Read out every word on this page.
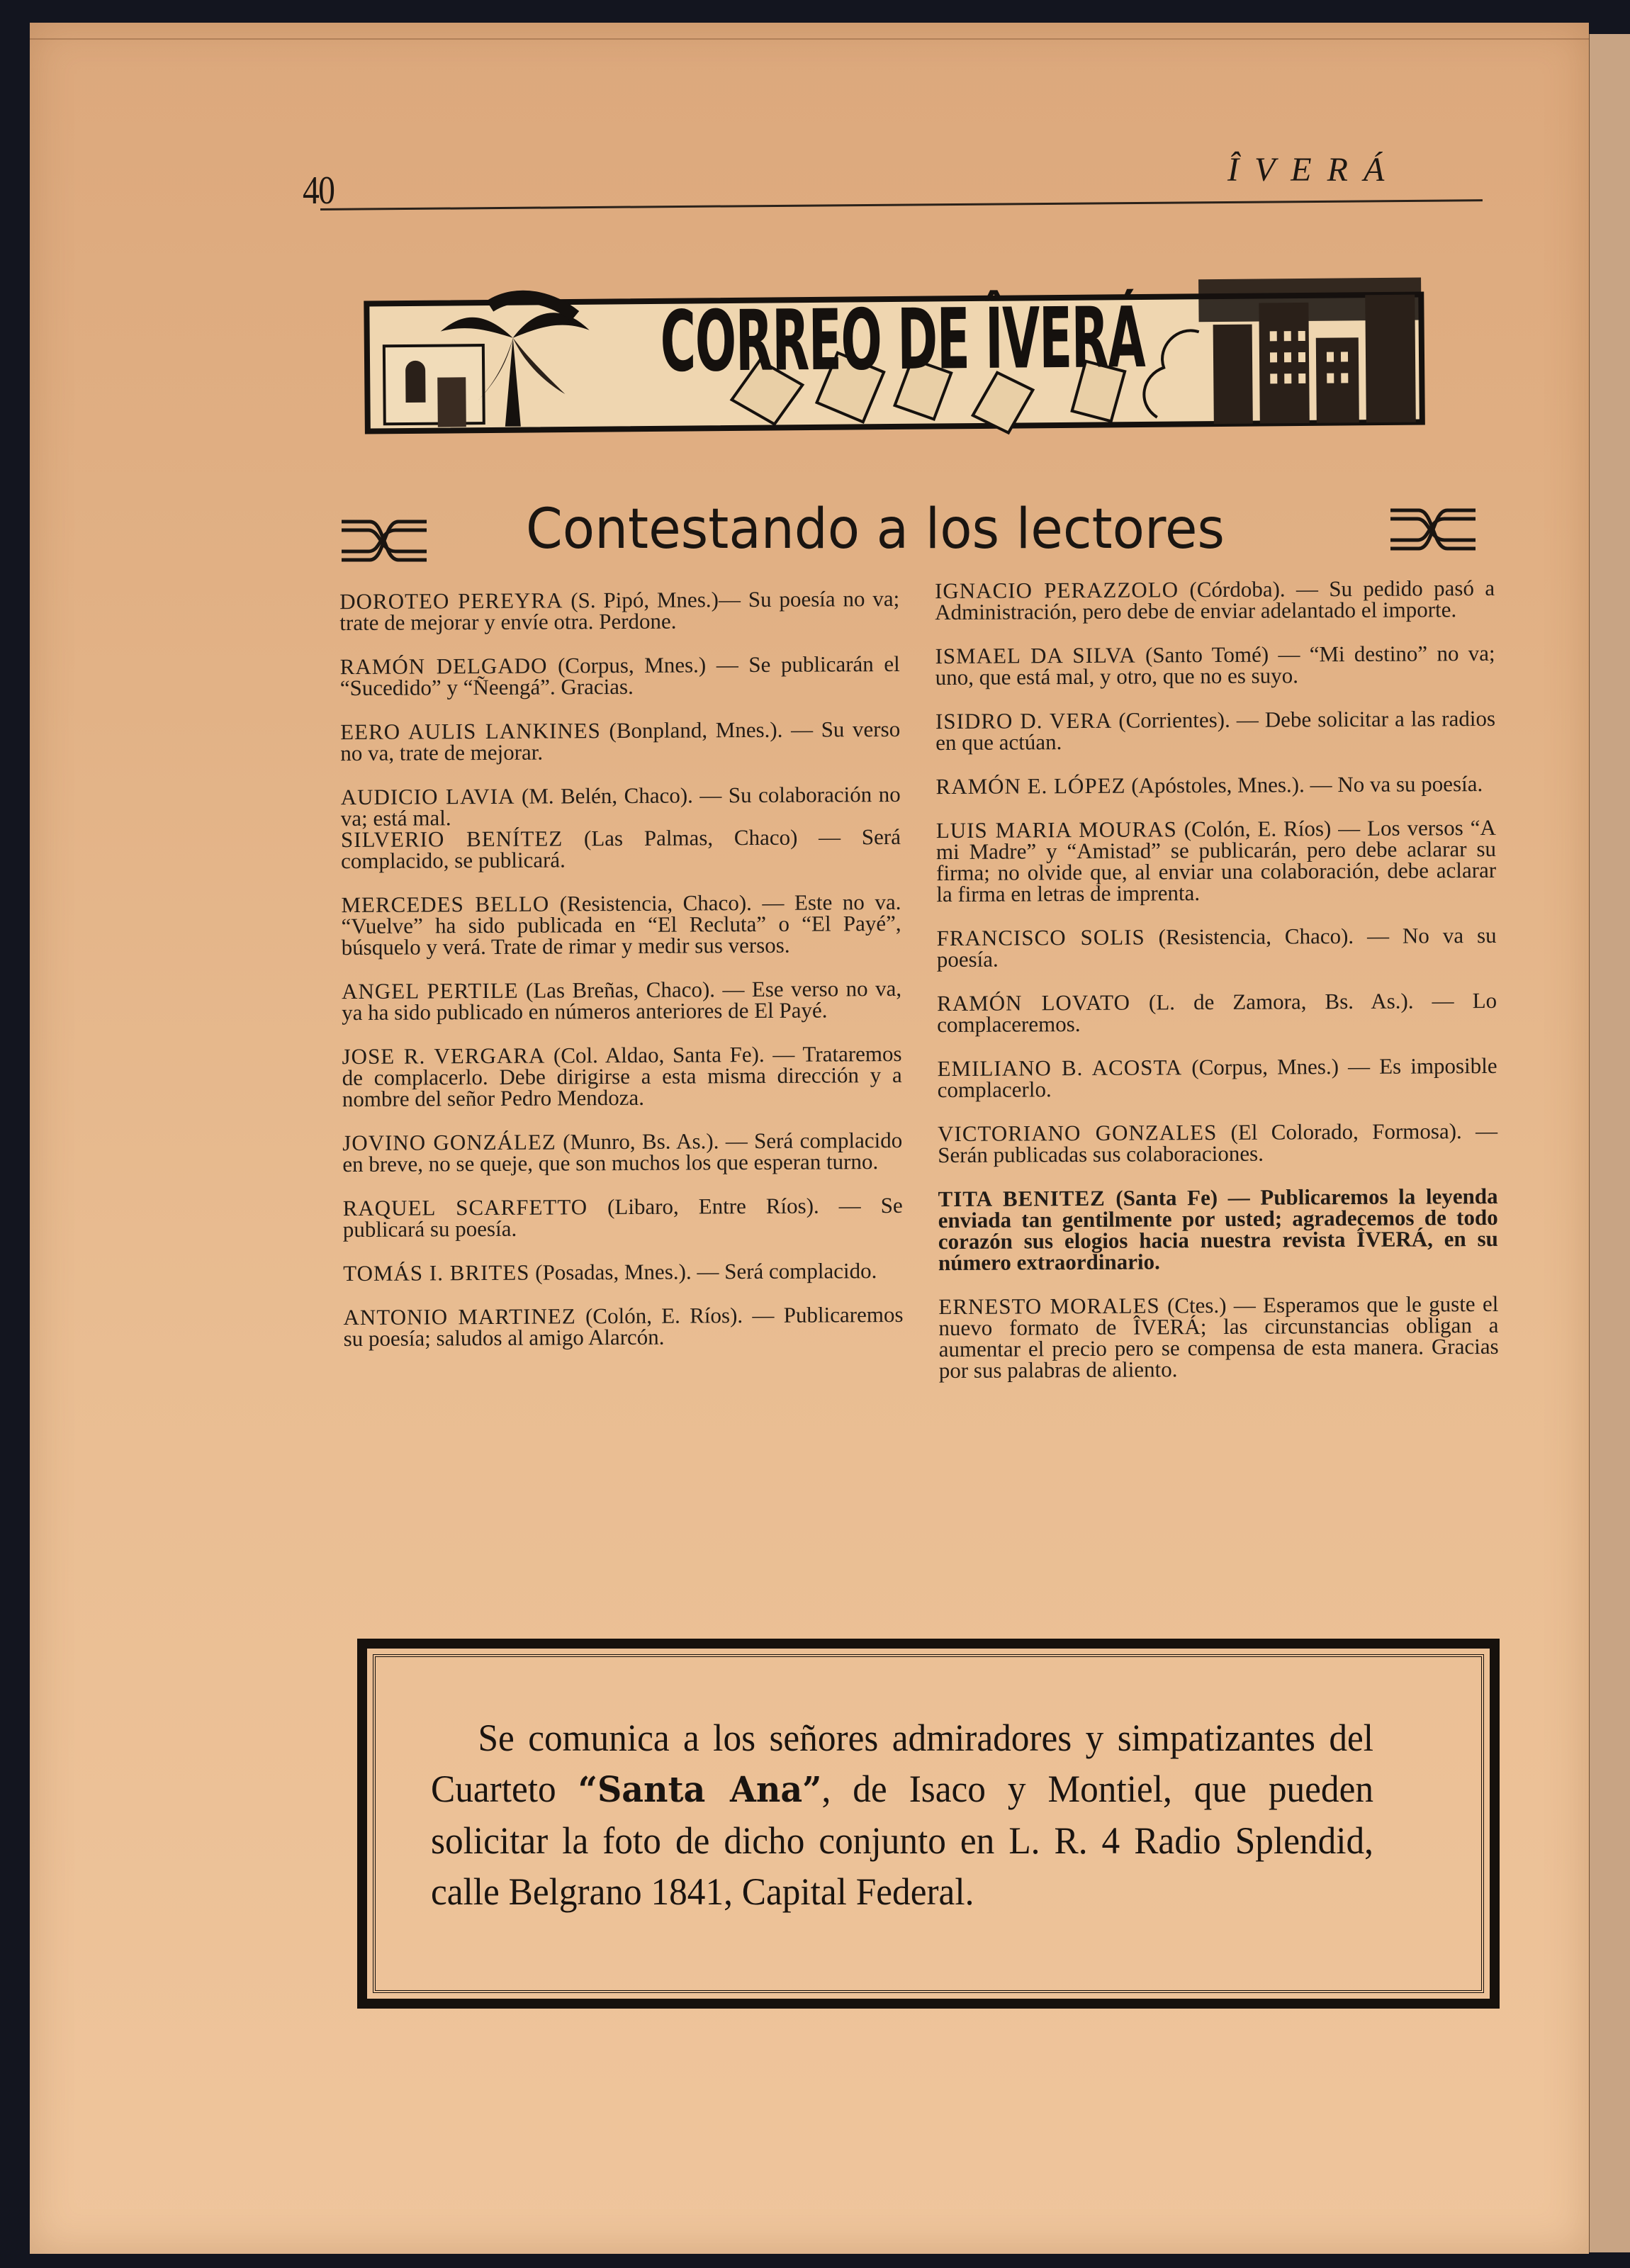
40	ÎVERÁ
CORREO DE ÎVERÁ
Contestando a los lectores
DOROTEO PEREYRA (S. Pipó, Mnes.)— Su poesía no va; trate de mejorar y envíe otra. Perdone.
RAMÓN DELGADO (Corpus, Mnes.) — Se publicarán el “Sucedido” y “Ñeengá”. Gracias.
EERO AULIS LANKINES (Bonpland, Mnes.). — Su verso no va, trate de mejorar.
AUDICIO LAVIA (M. Belén, Chaco). — Su colaboración no va; está mal.
SILVERIO BENÍTEZ (Las Palmas, Chaco) — Será complacido, se publicará.
MERCEDES BELLO (Resistencia, Chaco). — Este no va. “Vuelve” ha sido publicada en “El Recluta” o “El Payé”, búsquelo y verá. Trate de rimar y medir sus versos.
ANGEL PERTILE (Las Breñas, Chaco). — Ese verso no va, ya ha sido publicado en números anteriores de El Payé.
JOSE R. VERGARA (Col. Aldao, Santa Fe). — Trataremos de complacerlo. Debe dirigirse a esta misma dirección y a nombre del señor Pedro Mendoza.
JOVINO GONZÁLEZ (Munro, Bs. As.). — Será complacido en breve, no se queje, que son muchos los que esperan turno.
RAQUEL SCARFETTO (Libaro, Entre Ríos). — Se publicará su poesía.
TOMÁS I. BRITES (Posadas, Mnes.). — Será complacido.
ANTONIO MARTINEZ (Colón, E. Ríos). — Publicaremos su poesía; saludos al amigo Alarcón.
IGNACIO PERAZZOLO (Córdoba). — Su pedido pasó a Administración, pero debe de enviar adelantado el importe.
ISMAEL DA SILVA (Santo Tomé) — “Mi destino” no va; uno, que está mal, y otro, que no es suyo.
ISIDRO D. VERA (Corrientes). — Debe solicitar a las radios en que actúan.
RAMÓN E. LÓPEZ (Apóstoles, Mnes.). — No va su poesía.
LUIS MARIA MOURAS (Colón, E. Ríos) — Los versos “A mi Madre” y “Amistad” se publicarán, pero debe aclarar su firma; no olvide que, al enviar una colaboración, debe aclarar la firma en letras de imprenta.
FRANCISCO SOLIS (Resistencia, Chaco). — No va su poesía.
RAMÓN LOVATO (L. de Zamora, Bs. As.). — Lo complaceremos.
EMILIANO B. ACOSTA (Corpus, Mnes.) — Es imposible complacerlo.
VICTORIANO GONZALES (El Colorado, Formosa). — Serán publicadas sus colaboraciones.
TITA BENITEZ (Santa Fe) — Publicaremos la leyenda enviada tan gentilmente por usted; agradecemos de todo corazón sus elogios hacia nuestra revista ÎVERÁ, en su número extraordinario.
ERNESTO MORALES (Ctes.) — Esperamos que le guste el nuevo formato de ÎVERÁ; las circunstancias obligan a aumentar el precio pero se compensa de esta manera. Gracias por sus palabras de aliento.
Se comunica a los señores admiradores y simpatizantes del Cuarteto “Santa Ana”, de Isaco y Montiel, que pueden solicitar la foto de dicho conjunto en L. R. 4 Radio Splendid, calle Belgrano 1841, Capital Federal.
